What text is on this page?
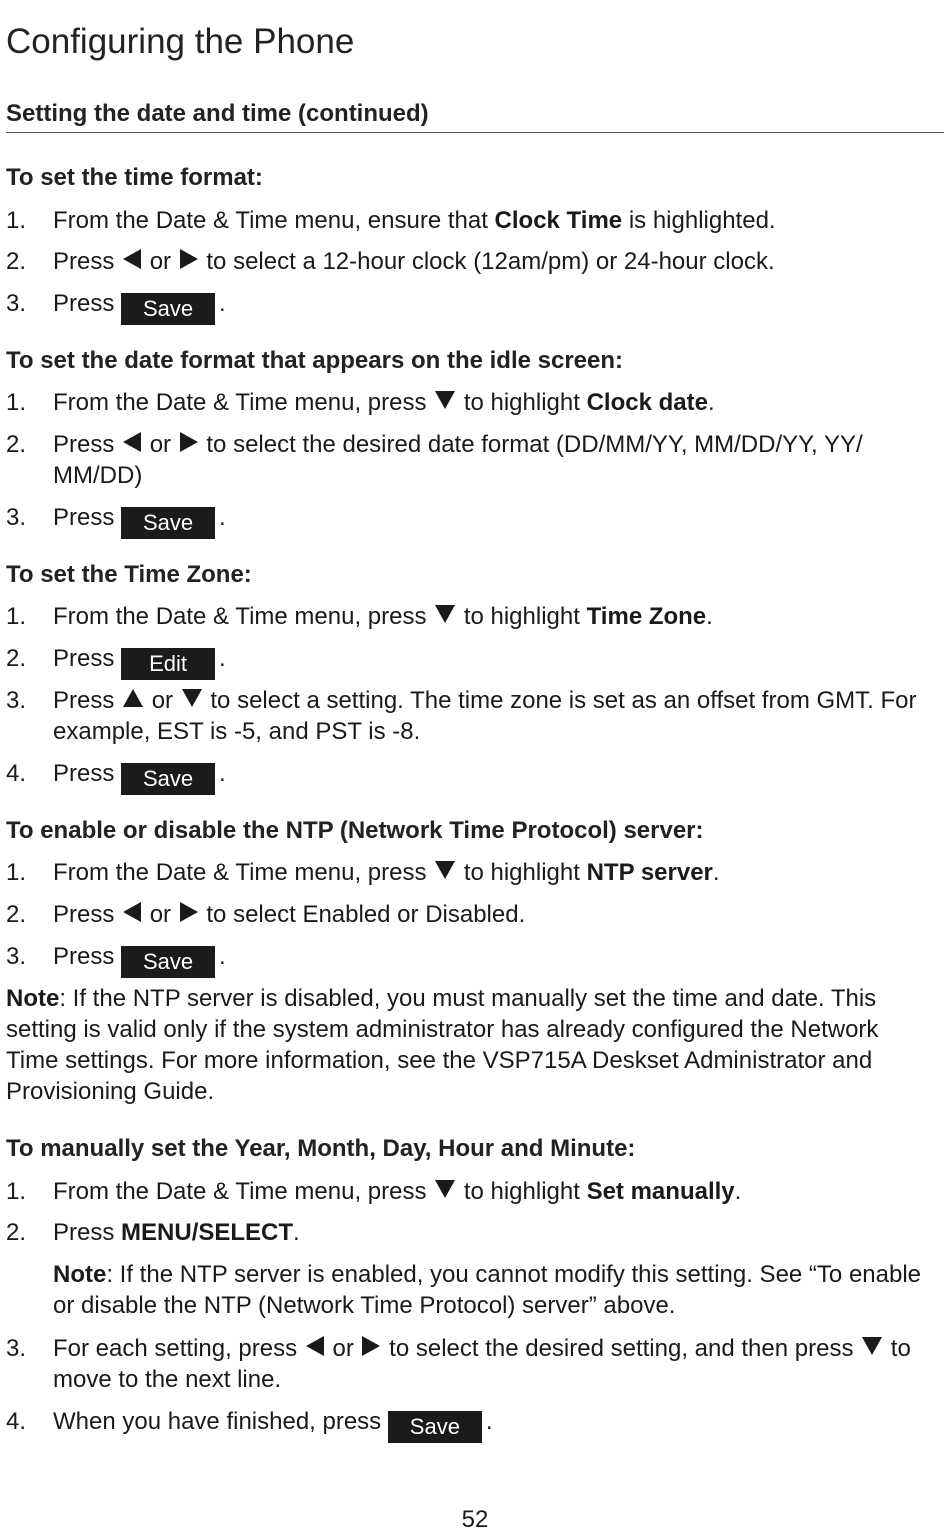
Configuring the Phone
Setting the date and time (continued)
To set the time format:
1.	From the Date & Time menu, ensure that Clock Time is highlighted.
2.	Press or to select a 12-hour clock (12am/pm) or 24-hour clock.
3.	Press Save .
To set the date format that appears on the idle screen:
1.	From the Date & Time menu, press to highlight Clock date.
2.	Press or to select the desired date format (DD/MM/YY, MM/DD/YY, YY/ MM/DD)
3.	Press Save .
To set the Time Zone:
1.	From the Date & Time menu, press to highlight Time Zone.
2.	Press Edit .
3.	Press or to select a setting. The time zone is set as an offset from GMT. For example, EST is -5, and PST is -8.
4.	Press Save .
To enable or disable the NTP (Network Time Protocol) server:
1.	From the Date & Time menu, press to highlight NTP server.
2.	Press or to select Enabled or Disabled.
3.	Press Save .
Note: If the NTP server is disabled, you must manually set the time and date. This setting is valid only if the system administrator has already configured the Network Time settings. For more information, see the VSP715A Deskset Administrator and Provisioning Guide.
To manually set the Year, Month, Day, Hour and Minute:
1.	From the Date & Time menu, press to highlight Set manually.
2.	Press MENU/SELECT.
Note: If the NTP server is enabled, you cannot modify this setting. See “To enable or disable the NTP (Network Time Protocol) server” above.
3.	For each setting, press or to select the desired setting, and then press to move to the next line.
4.	When you have finished, press Save .
52
